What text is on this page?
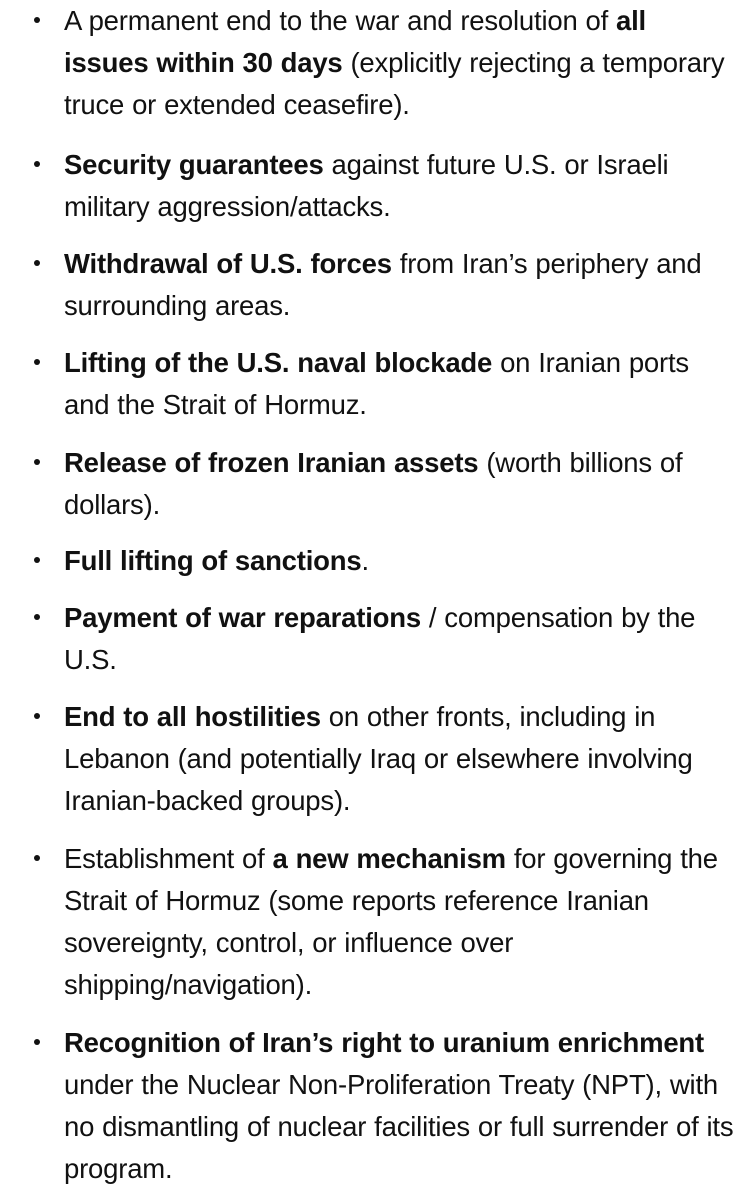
A permanent end to the war and resolution of all issues within 30 days (explicitly rejecting a temporary truce or extended ceasefire).
Security guarantees against future U.S. or Israeli military aggression/attacks.
Withdrawal of U.S. forces from Iran’s periphery and surrounding areas.
Lifting of the U.S. naval blockade on Iranian ports and the Strait of Hormuz.
Release of frozen Iranian assets (worth billions of dollars).
Full lifting of sanctions.
Payment of war reparations / compensation by the U.S.
End to all hostilities on other fronts, including in Lebanon (and potentially Iraq or elsewhere involving Iranian-backed groups).
Establishment of a new mechanism for governing the Strait of Hormuz (some reports reference Iranian sovereignty, control, or influence over shipping/navigation).
Recognition of Iran’s right to uranium enrichment under the Nuclear Non-Proliferation Treaty (NPT), with no dismantling of nuclear facilities or full surrender of its program.
